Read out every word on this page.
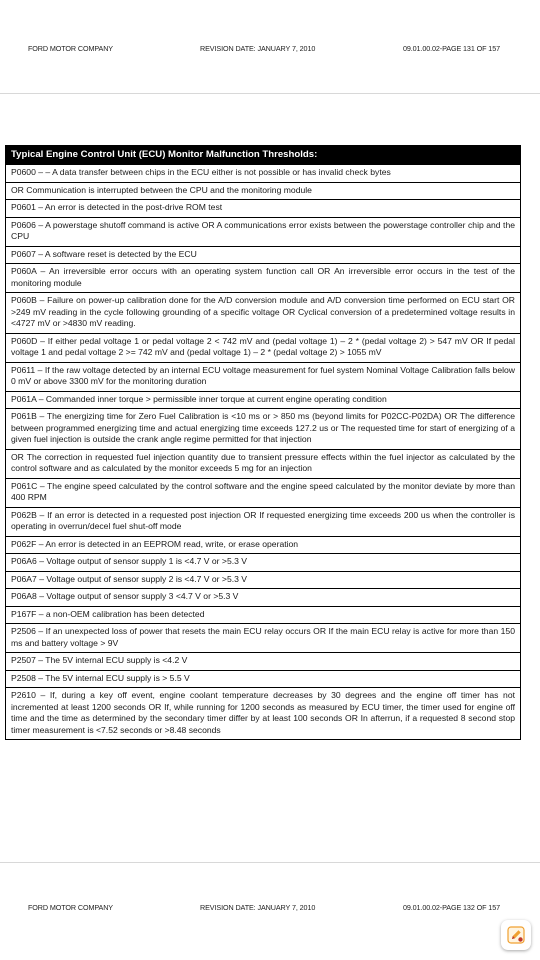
FORD MOTOR COMPANY	REVISION DATE: JANUARY 7, 2010	09.01.00.02-PAGE 131 OF 157
Typical Engine Control Unit (ECU) Monitor Malfunction Thresholds:
P0600 – – A data transfer between chips in the ECU either is not possible or has invalid check bytes
OR Communication is interrupted between the CPU and the monitoring module
P0601 – An error is detected in the post-drive ROM test
P0606 – A powerstage shutoff command is active OR A communications error exists between the powerstage controller chip and the CPU
P0607 – A software reset is detected by the ECU
P060A – An irreversible error occurs with an operating system function call OR An irreversible error occurs in the test of the monitoring module
P060B – Failure on power-up calibration done for the A/D conversion module and A/D conversion time performed on ECU start OR >249 mV reading in the cycle following grounding of a specific voltage OR Cyclical conversion of a predetermined voltage results in <4727 mV or >4830 mV reading.
P060D – If either pedal voltage 1 or pedal voltage 2 < 742 mV and (pedal voltage 1) – 2 * (pedal voltage 2) > 547 mV OR If pedal voltage 1 and pedal voltage 2 >= 742 mV and (pedal voltage 1) – 2 * (pedal voltage 2) > 1055 mV
P0611 – If the raw voltage detected by an internal ECU voltage measurement for fuel system Nominal Voltage Calibration falls below 0 mV or above 3300 mV for the monitoring duration
P061A – Commanded inner torque > permissible inner torque at current engine operating condition
P061B – The energizing time for Zero Fuel Calibration is <10 ms or > 850 ms (beyond limits for P02CC-P02DA) OR The difference between programmed energizing time and actual energizing time exceeds 127.2 us or The requested time for start of energizing of a given fuel injection is outside the crank angle regime permitted for that injection
OR The correction in requested fuel injection quantity due to transient pressure effects within the fuel injector as calculated by the control software and as calculated by the monitor exceeds 5 mg for an injection
P061C – The engine speed calculated by the control software and the engine speed calculated by the monitor deviate by more than 400 RPM
P062B – If an error is detected in a requested post injection OR If requested energizing time exceeds 200 us when the controller is operating in overrun/decel fuel shut-off mode
P062F – An error is detected in an EEPROM read, write, or erase operation
P06A6 – Voltage output of sensor supply 1 is <4.7 V or >5.3 V
P06A7 – Voltage output of sensor supply 2 is <4.7 V or >5.3 V
P06A8 – Voltage output of sensor supply 3 <4.7 V or >5.3 V
P167F – a non-OEM calibration has been detected
P2506 – If an unexpected loss of power that resets the main ECU relay occurs OR If the main ECU relay is active for more than 150 ms and battery voltage > 9V
P2507 – The 5V internal ECU supply is <4.2 V
P2508 – The 5V internal ECU supply is > 5.5 V
P2610 – If, during a key off event, engine coolant temperature decreases by 30 degrees and the engine off timer has not incremented at least 1200 seconds OR If, while running for 1200 seconds as measured by ECU timer, the timer used for engine off time and the time as determined by the secondary timer differ by at least 100 seconds OR In afterrun, if a requested 8 second stop timer measurement is <7.52 seconds or >8.48 seconds
FORD MOTOR COMPANY	REVISION DATE: JANUARY 7, 2010	09.01.00.02-PAGE 132 OF 157
